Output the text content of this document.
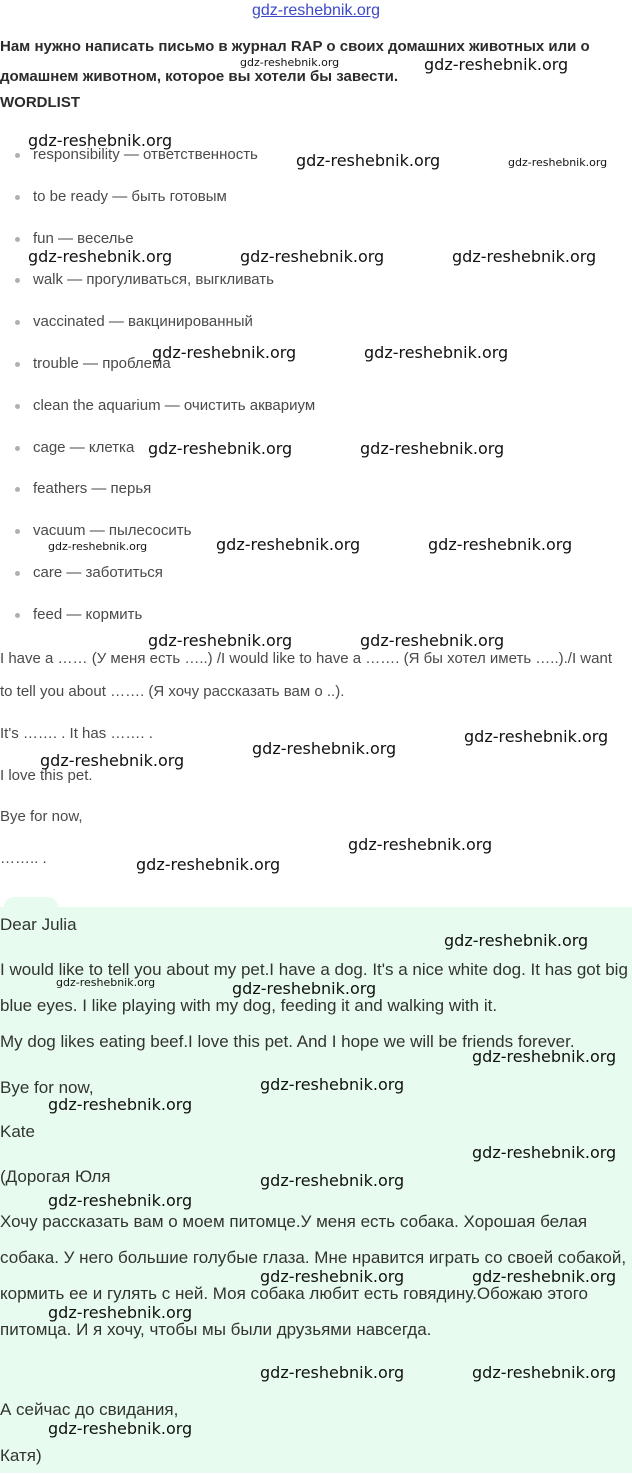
gdz-reshebnik.org
Нам нужно написать письмо в журнал RAP о своих домашних животных или о домашнем животном, которое вы хотели бы завести.
WORDLIST
responsibility — ответственность
to be ready — быть готовым
fun — веселье
walk — прогуливаться, выгкливать
vaccinated — вакцинированный
trouble — проблема
clean the aquarium — очистить аквариум
cage — клетка
feathers — перья
vacuum — пылесосить
care — заботиться
feed — кормить
I have a …… (У меня есть …..) /I would like to have a ……. (Я бы хотел иметь …..)./I want to tell you about ……. (Я хочу рассказать вам о ..).
It's ……. . It has ……. .
I love this pet.
Bye for now,
…….. .
Dear Julia
I would like to tell you about my pet.I have a dog. It's a nice white dog. It has got big blue eyes. I like playing with my dog, feeding it and walking with it.
My dog likes eating beef.I love this pet. And I hope we will be friends forever.
Bye for now,
Kate
(Дорогая Юля
Хочу рассказать вам о моем питомце.У меня есть собака. Хорошая белая собака. У него большие голубые глаза. Мне нравится играть со своей собакой, кормить ее и гулять с ней. Моя собака любит есть говядину.Обожаю этого питомца. И я хочу, чтобы мы были друзьями навсегда.
А сейчас до свидания,
Катя)
gdz-reshebnik.org	gdz-reshebnik.org
gdz-reshebnik.org
gdz-reshebnik.org	gdz-reshebnik.org
gdz-reshebnik.org	gdz-reshebnik.org	gdz-reshebnik.org
gdz-reshebnik.org	gdz-reshebnik.org
gdz-reshebnik.org	gdz-reshebnik.org
gdz-reshebnik.org	gdz-reshebnik.org	gdz-reshebnik.org
gdz-reshebnik.org	gdz-reshebnik.org
gdz-reshebnik.org
gdz-reshebnik.org
gdz-reshebnik.org
gdz-reshebnik.org
gdz-reshebnik.org
gdz-reshebnik.org
gdz-reshebnik.org	gdz-reshebnik.org
gdz-reshebnik.org
gdz-reshebnik.org
gdz-reshebnik.org
gdz-reshebnik.org
gdz-reshebnik.org
gdz-reshebnik.org
gdz-reshebnik.org	gdz-reshebnik.org
gdz-reshebnik.org
gdz-reshebnik.org	gdz-reshebnik.org
gdz-reshebnik.org
